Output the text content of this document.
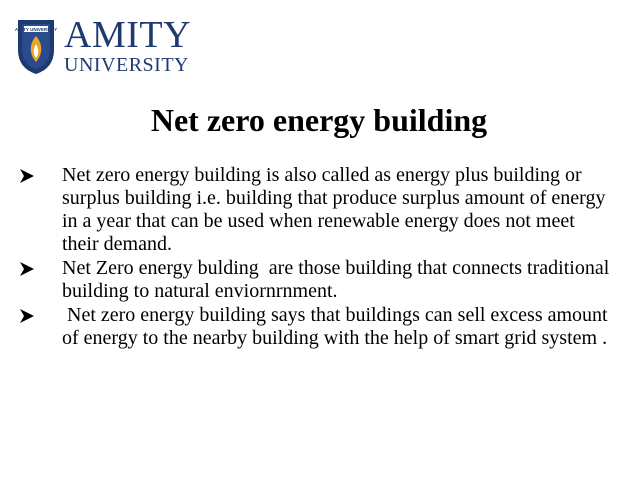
AMITY UNIVERSITY AMITY
UNIVERSITY
Net zero energy building
Net zero energy building is also called as energy plus building or surplus building i.e. building that produce surplus amount of energy in a year that can be used when renewable energy does not meet their demand.
Net Zero energy bulding  are those building that connects traditional building to natural enviornrnment.
Net zero energy building says that buildings can sell excess amount of energy to the nearby building with the help of smart grid system .
